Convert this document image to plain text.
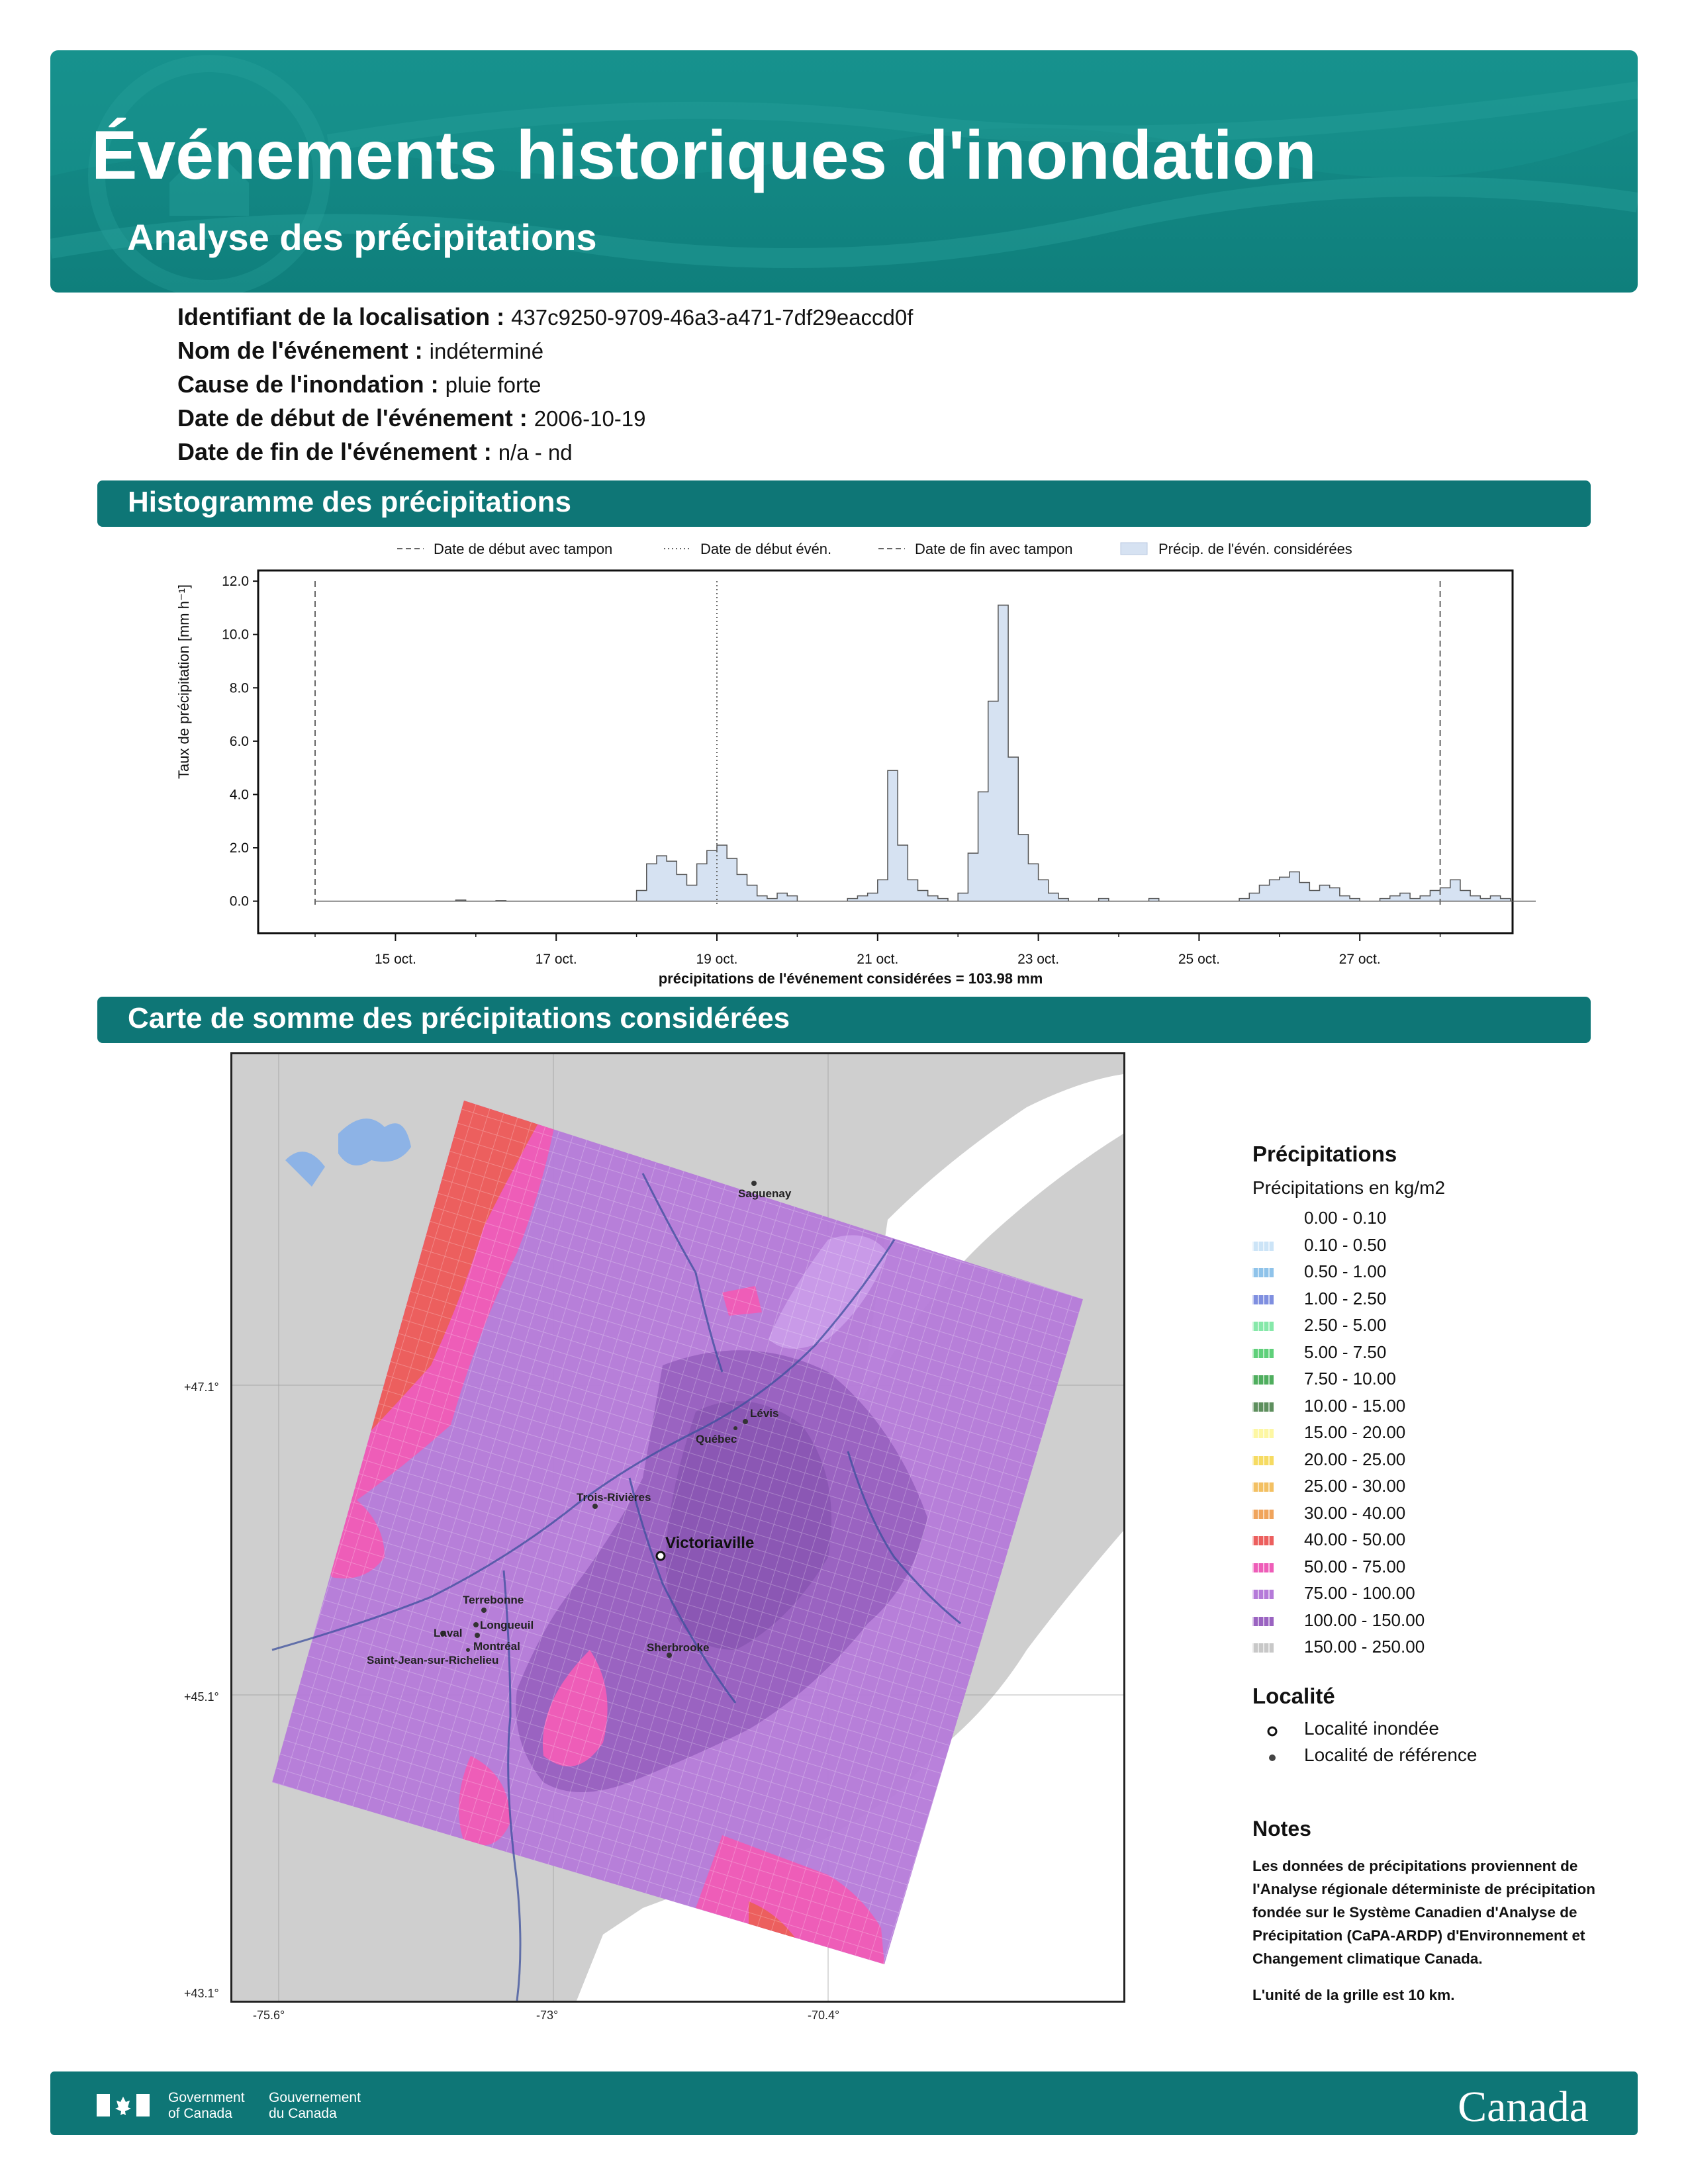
Événements historiques d'inondation
Analyse des précipitations
Identifiant de la localisation : 437c9250-9709-46a3-a471-7df29eaccd0f
Nom de l'événement : indéterminé
Cause de l'inondation : pluie forte
Date de début de l'événement : 2006-10-19
Date de fin de l'événement : n/a - nd
Histogramme des précipitations
Date de début avec tampon	Date de début évén.	Date de fin avec tampon	Précip. de l'évén. considérées
0.0
2.0
4.0
6.0
8.0
10.0
12.0
15 oct.	17 oct.	19 oct.	21 oct.	23 oct.	25 oct.	27 oct.
Taux de précipitation [mm h⁻¹]
précipitations de l'événement considérées = 103.98 mm
Carte de somme des précipitations considérées
Saguenay
Lévis
Québec
Trois-Rivières
Terrebonne
Longueuil
Laval
Montréal
Saint-Jean-sur-Richelieu
Sherbrooke
Victoriaville
+47.1°
+45.1°
+43.1°
-75.6°	-73°	-70.4°
Précipitations
Précipitations en kg/m2
0.00 - 0.10
0.10 - 0.50
0.50 - 1.00
1.00 - 2.50
2.50 - 5.00
5.00 - 7.50
7.50 - 10.00
10.00 - 15.00
15.00 - 20.00
20.00 - 25.00
25.00 - 30.00
30.00 - 40.00
40.00 - 50.00
50.00 - 75.00
75.00 - 100.00
100.00 - 150.00
150.00 - 250.00
Localité
Localité inondée
Localité de référence
Notes

Les données de précipitations proviennent de l'Analyse régionale déterministe de précipitation fondée sur le Système Canadien d'Analyse de Précipitation (CaPA-ARDP) d'Environnement et Changement climatique Canada.

L'unité de la grille est 10 km.

Government
of Canada
Gouvernement
du Canada	Canada
